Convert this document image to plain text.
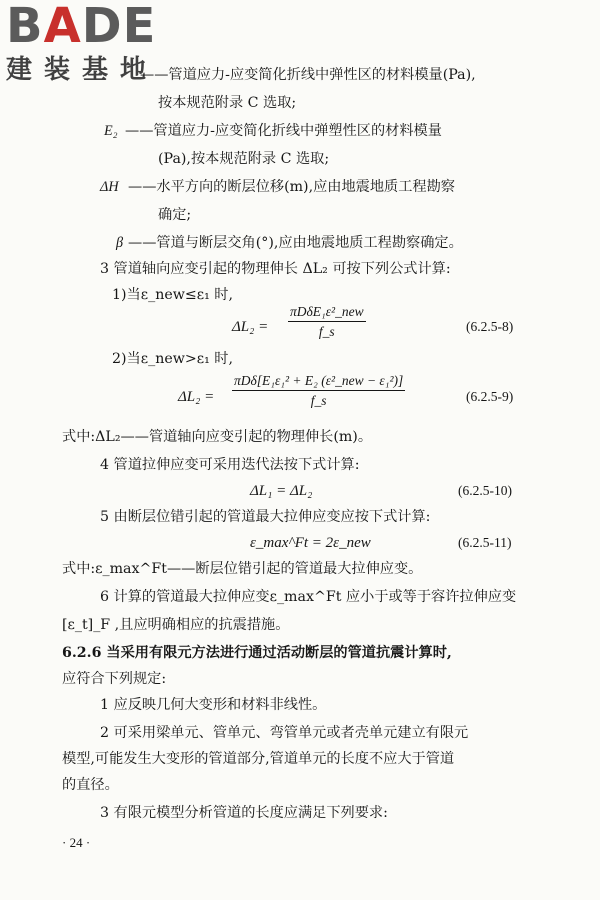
BADE
建装基地
——管道应力-应变简化折线中弹性区的材料模量(Pa),
按本规范附录 C 选取;
E₂ ——管道应力-应变简化折线中弹塑性区的材料模量
(Pa),按本规范附录 C 选取;
ΔH ——水平方向的断层位移(m),应由地震地质工程勘察
确定;
β ——管道与断层交角(°),应由地震地质工程勘察确定。
3 管道轴向应变引起的物理伸长 ΔL₂ 可按下列公式计算:
1)当ε_new≤ε₁ 时,
ΔL₂ =
πDδE₁ε²_new
f_s	(6.2.5-8)
2)当ε_new>ε₁ 时,
ΔL₂ =
πDδ[E₁ε₁² + E₂ (ε²_new − ε₁²)]
f_s	(6.2.5-9)
式中:ΔL₂——管道轴向应变引起的物理伸长(m)。
4 管道拉伸应变可采用迭代法按下式计算:
ΔL₁ = ΔL₂	(6.2.5-10)
5 由断层位错引起的管道最大拉伸应变应按下式计算:
ε_max^Ft = 2ε_new	(6.2.5-11)
式中:ε_max^Ft——断层位错引起的管道最大拉伸应变。
6 计算的管道最大拉伸应变ε_max^Ft 应小于或等于容许拉伸应变
[ε_t]_F ,且应明确相应的抗震措施。
6.2.6 当采用有限元方法进行通过活动断层的管道抗震计算时,
应符合下列规定:
1 应反映几何大变形和材料非线性。
2 可采用梁单元、管单元、弯管单元或者壳单元建立有限元
模型,可能发生大变形的管道部分,管道单元的长度不应大于管道
的直径。
3 有限元模型分析管道的长度应满足下列要求:
· 24 ·
